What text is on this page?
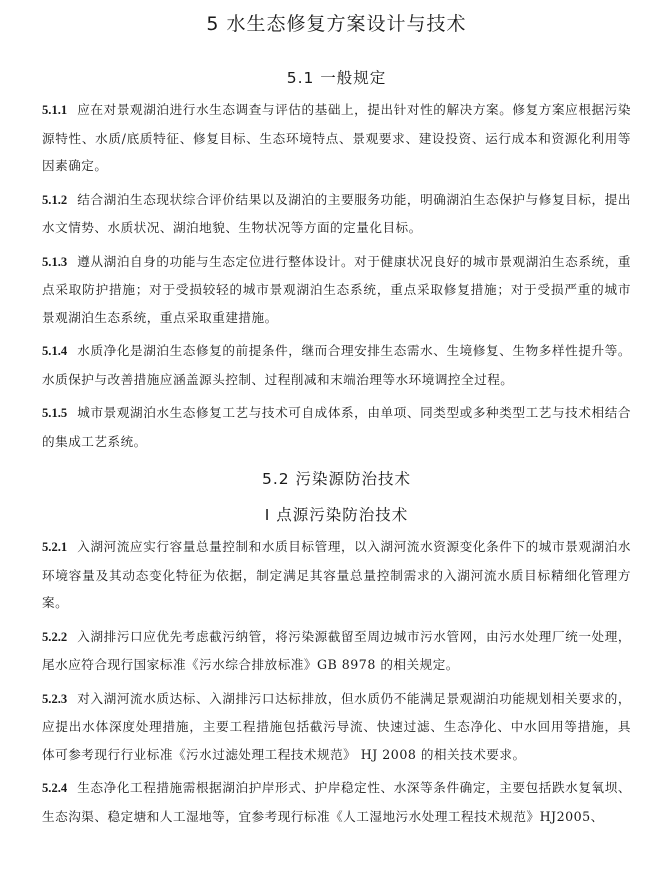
5 水生态修复方案设计与技术
5.1 一般规定

5.1.1 应在对景观湖泊进行水生态调查与评估的基础上，提出针对性的解决方案。修复方案应根据污染源特性、水质/底质特征、修复目标、生态环境特点、景观要求、建设投资、运行成本和资源化利用等因素确定。

5.1.2 结合湖泊生态现状综合评价结果以及湖泊的主要服务功能，明确湖泊生态保护与修复目标，提出水文情势、水质状况、湖泊地貌、生物状况等方面的定量化目标。

5.1.3 遵从湖泊自身的功能与生态定位进行整体设计。对于健康状况良好的城市景观湖泊生态系统，重点采取防护措施；对于受损较轻的城市景观湖泊生态系统，重点采取修复措施；对于受损严重的城市景观湖泊生态系统，重点采取重建措施。

5.1.4 水质净化是湖泊生态修复的前提条件，继而合理安排生态需水、生境修复、生物多样性提升等。水质保护与改善措施应涵盖源头控制、过程削减和末端治理等水环境调控全过程。

5.1.5 城市景观湖泊水生态修复工艺与技术可自成体系，由单项、同类型或多种类型工艺与技术相结合的集成工艺系统。

5.2 污染源防治技术
I 点源污染防治技术

5.2.1 入湖河流应实行容量总量控制和水质目标管理，以入湖河流水资源变化条件下的城市景观湖泊水环境容量及其动态变化特征为依据，制定满足其容量总量控制需求的入湖河流水质目标精细化管理方案。

5.2.2 入湖排污口应优先考虑截污纳管，将污染源截留至周边城市污水管网，由污水处理厂统一处理，尾水应符合现行国家标准《污水综合排放标准》GB 8978 的相关规定。

5.2.3 对入湖河流水质达标、入湖排污口达标排放，但水质仍不能满足景观湖泊功能规划相关要求的，应提出水体深度处理措施，主要工程措施包括截污导流、快速过滤、生态净化、中水回用等措施，具体可参考现行行业标准《污水过滤处理工程技术规范》 HJ 2008 的相关技术要求。

5.2.4 生态净化工程措施需根据湖泊护岸形式、护岸稳定性、水深等条件确定，主要包括跌水复氧坝、生态沟渠、稳定塘和人工湿地等，宜参考现行标准《人工湿地污水处理工程技术规范》HJ2005、
